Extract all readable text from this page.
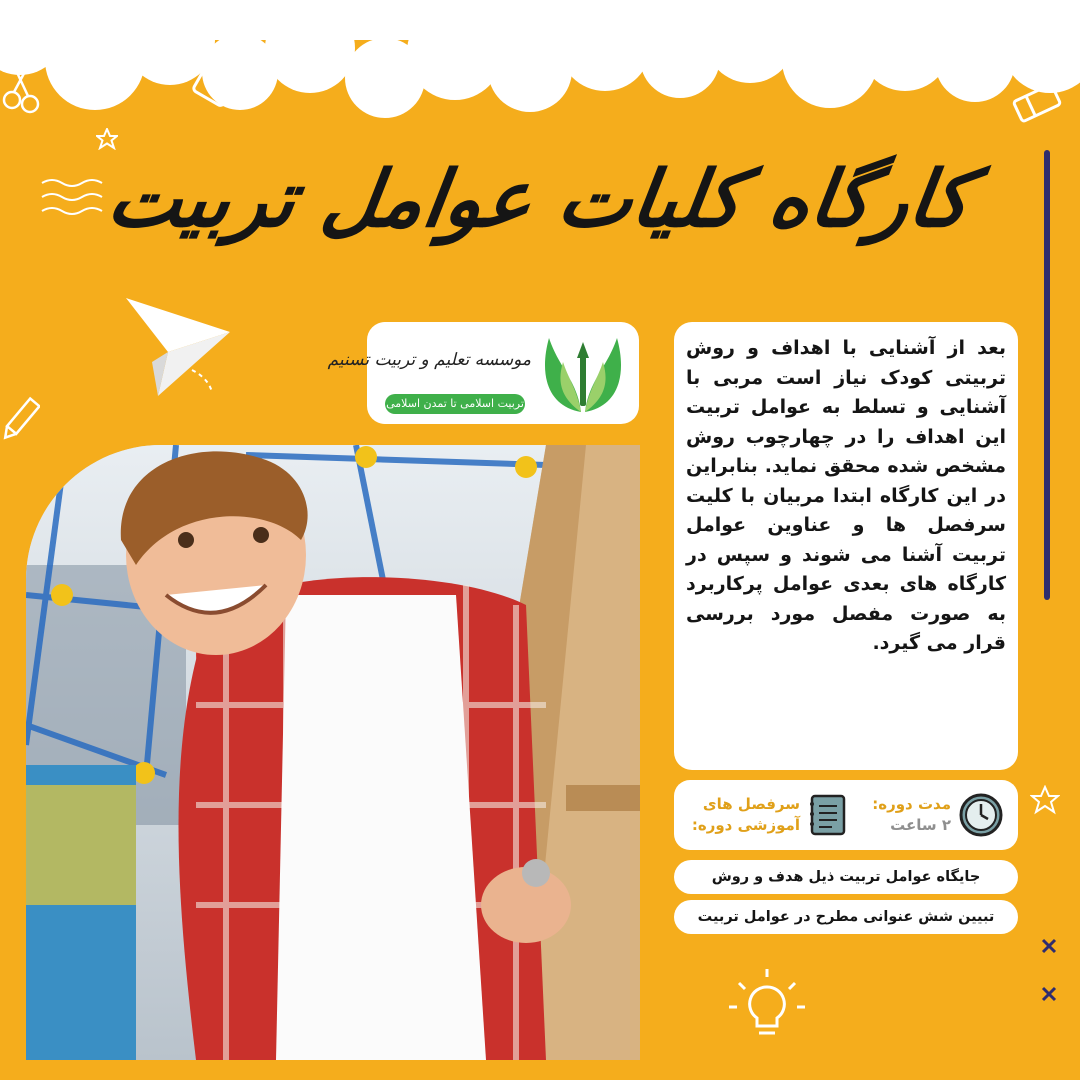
کارگاه کلیات عوامل تربیت
موسسه تعلیم و تربیت تسنیم
تربیت اسلامی تا تمدن اسلامی
بعد از آشنایی با اهداف و روش تربیتی کودک نیاز است مربی با آشنایی و تسلط به عوامل تربیت این اهداف را در چهارچوب روش مشخص شده محقق نماید. بنابراین در این کارگاه ابتدا مربیان با کلیت سرفصل ها و عناوین عوامل تربیت آشنا می شوند و سپس در کارگاه های بعدی عوامل پرکاربرد به صورت مفصل مورد بررسی قرار می گیرد.
مدت دوره:
۲ ساعت
سرفصل های
آموزشی دوره:
جایگاه عوامل تربیت ذیل هدف و روش
تبیین شش عنوانی مطرح در عوامل تربیت
